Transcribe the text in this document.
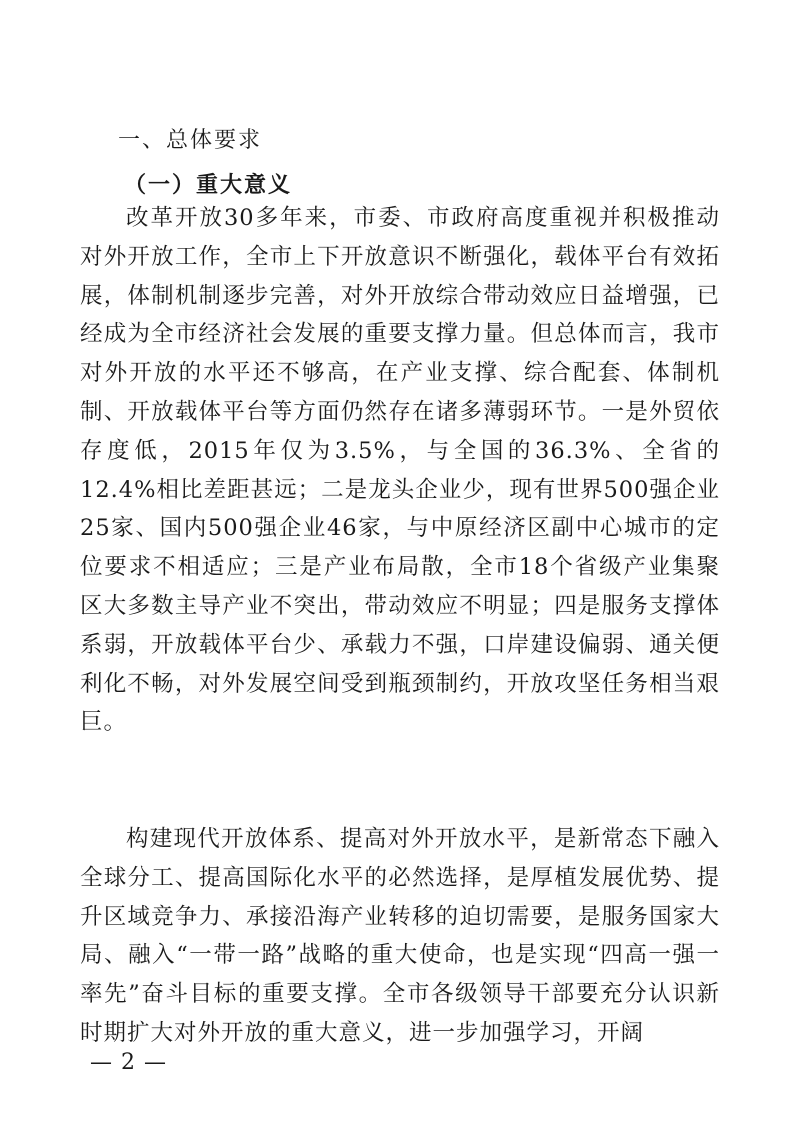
一、总体要求
（一）重大意义

改革开放30多年来，市委、市政府高度重视并积极推动对外开放工作，全市上下开放意识不断强化，载体平台有效拓展，体制机制逐步完善，对外开放综合带动效应日益增强，已经成为全市经济社会发展的重要支撑力量。但总体而言，我市对外开放的水平还不够高，在产业支撑、综合配套、体制机制、开放载体平台等方面仍然存在诸多薄弱环节。一是外贸依存度低，2015年仅为3.5%，与全国的36.3%、全省的12.4%相比差距甚远；二是龙头企业少，现有世界500强企业25家、国内500强企业46家，与中原经济区副中心城市的定位要求不相适应；三是产业布局散，全市18个省级产业集聚区大多数主导产业不突出，带动效应不明显；四是服务支撑体系弱，开放载体平台少、承载力不强，口岸建设偏弱、通关便利化不畅，对外发展空间受到瓶颈制约，开放攻坚任务相当艰巨。

构建现代开放体系、提高对外开放水平，是新常态下融入全球分工、提高国际化水平的必然选择，是厚植发展优势、提升区域竞争力、承接沿海产业转移的迫切需要，是服务国家大局、融入“一带一路”战略的重大使命，也是实现“四高一强一率先”奋斗目标的重要支撑。全市各级领导干部要充分认识新时期扩大对外开放的重大意义，进一步加强学习，开阔

— 2 —
